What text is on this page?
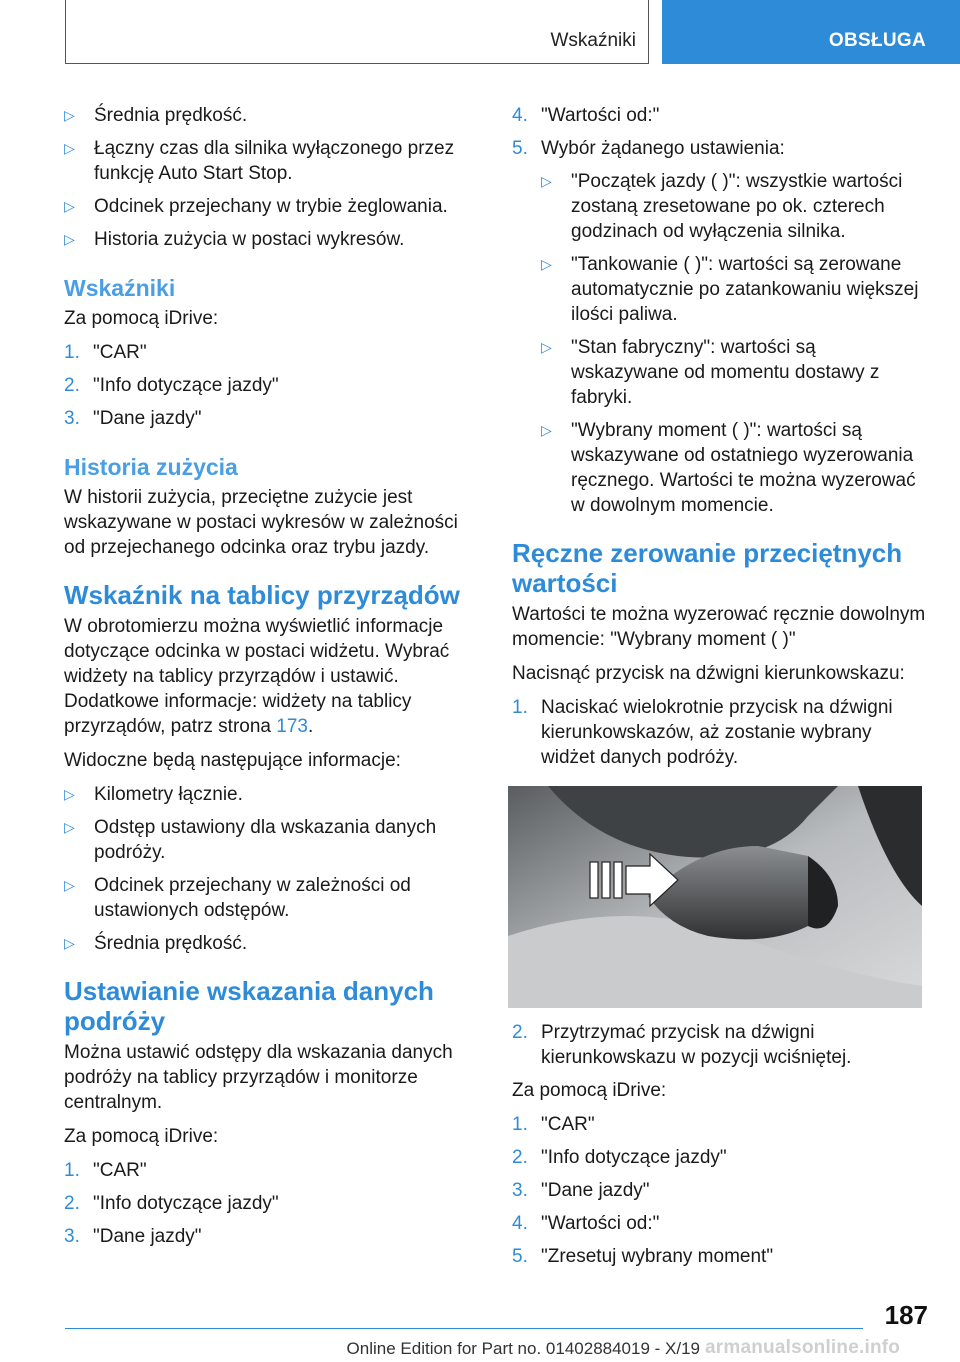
Wskaźniki	OBSŁUGA
▷ Średnia prędkość.
▷ Łączny czas dla silnika wyłączonego przez funkcję Auto Start Stop.
▷ Odcinek przejechany w trybie żeglowania.
▷ Historia zużycia w postaci wykresów.
Wskaźniki

Za pomocą iDrive:

1. "CAR"
2. "Info dotyczące jazdy"
3. "Dane jazdy"
Historia zużycia

W historii zużycia, przeciętne zużycie jest wskazywane w postaci wykresów w zależności od przejechanego odcinka oraz trybu jazdy.

Wskaźnik na tablicy przyrządów

W obrotomierzu można wyświetlić informacje dotyczące odcinka w postaci widżetu. Wybrać widżety na tablicy przyrządów i ustawić. Dodatkowe informacje: widżety na tablicy przyrządów, patrz strona 173.

Widoczne będą następujące informacje:

▷ Kilometry łącznie.
▷ Odstęp ustawiony dla wskazania danych podróży.
▷ Odcinek przejechany w zależności od ustawionych odstępów.
▷ Średnia prędkość.
Ustawianie wskazania danych podróży

Można ustawić odstępy dla wskazania danych podróży na tablicy przyrządów i monitorze centralnym.

Za pomocą iDrive:

1. "CAR"
2. "Info dotyczące jazdy"
3. "Dane jazdy"
4. "Wartości od:"
5. Wybór żądanego ustawienia:
▷ "Początek jazdy ( )": wszystkie wartości zostaną zresetowane po ok. czterech godzinach od wyłączenia silnika.
▷ "Tankowanie ( )": wartości są zerowane automatycznie po zatankowaniu większej ilości paliwa.
▷ "Stan fabryczny": wartości są wskazywane od momentu dostawy z fabryki.
▷ "Wybrany moment ( )": wartości są wskazywane od ostatniego wyzerowania ręcznego. Wartości te można wyzerować w dowolnym momencie.
Ręczne zerowanie przeciętnych wartości

Wartości te można wyzerować ręcznie dowolnym momencie: "Wybrany moment ( )"

Nacisnąć przycisk na dźwigni kierunkowskazu:

1. Naciskać wielokrotnie przycisk na dźwigni kierunkowskazów, aż zostanie wybrany widżet danych podróży.
2. Przytrzymać przycisk na dźwigni kierunkowskazu w pozycji wciśniętej.

Za pomocą iDrive:

1. "CAR"
2. "Info dotyczące jazdy"
3. "Dane jazdy"
4. "Wartości od:"
5. "Zresetuj wybrany moment"
187
Online Edition for Part no. 01402884019 - X/19 armanualsonline.info
